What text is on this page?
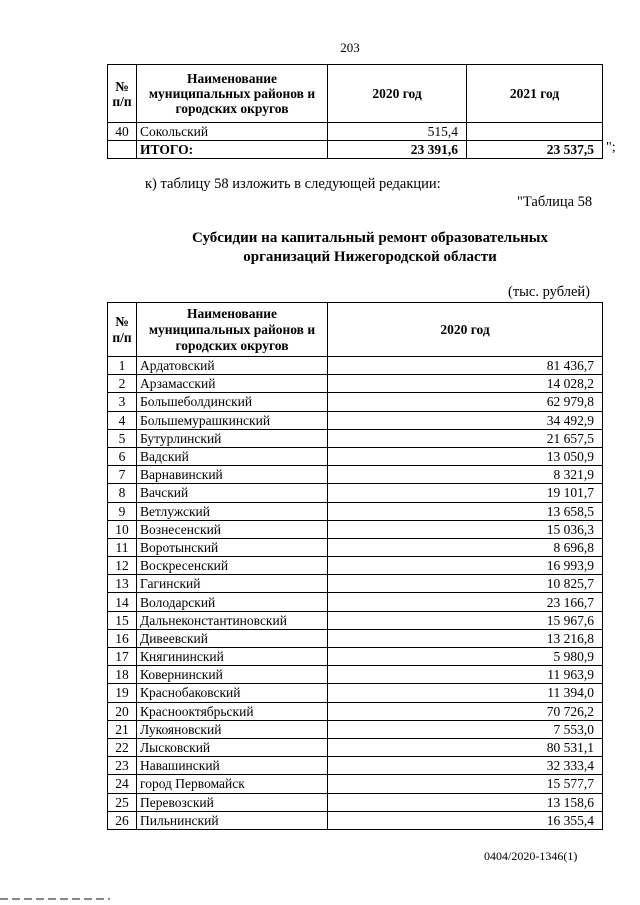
203
№ п/п	Наименование муниципальных районов и городских округов	2020 год	2021 год
40	Сокольский	515,4	
	ИТОГО:	23 391,6	23 537,5 ";
к) таблицу 58 изложить в следующей редакции:
"Таблица 58
Субсидии на капитальный ремонт образовательных
организаций Нижегородской области
(тыс. рублей)
№ п/п	Наименование муниципальных районов и городских округов	2020 год
1	Ардатовский	81 436,7
2	Арзамасский	14 028,2
3	Большеболдинский	62 979,8
4	Большемурашкинский	34 492,9
5	Бутурлинский	21 657,5
6	Вадский	13 050,9
7	Варнавинский	8 321,9
8	Вачский	19 101,7
9	Ветлужский	13 658,5
10	Вознесенский	15 036,3
11	Воротынский	8 696,8
12	Воскресенский	16 993,9
13	Гагинский	10 825,7
14	Володарский	23 166,7
15	Дальнеконстантиновский	15 967,6
16	Дивеевский	13 216,8
17	Княгининский	5 980,9
18	Ковернинский	11 963,9
19	Краснобаковский	11 394,0
20	Краснооктябрьский	70 726,2
21	Лукояновский	7 553,0
22	Лысковский	80 531,1
23	Навашинский	32 333,4
24	город Первомайск	15 577,7
25	Перевозский	13 158,6
26	Пильнинский	16 355,4
0404/2020-1346(1)
